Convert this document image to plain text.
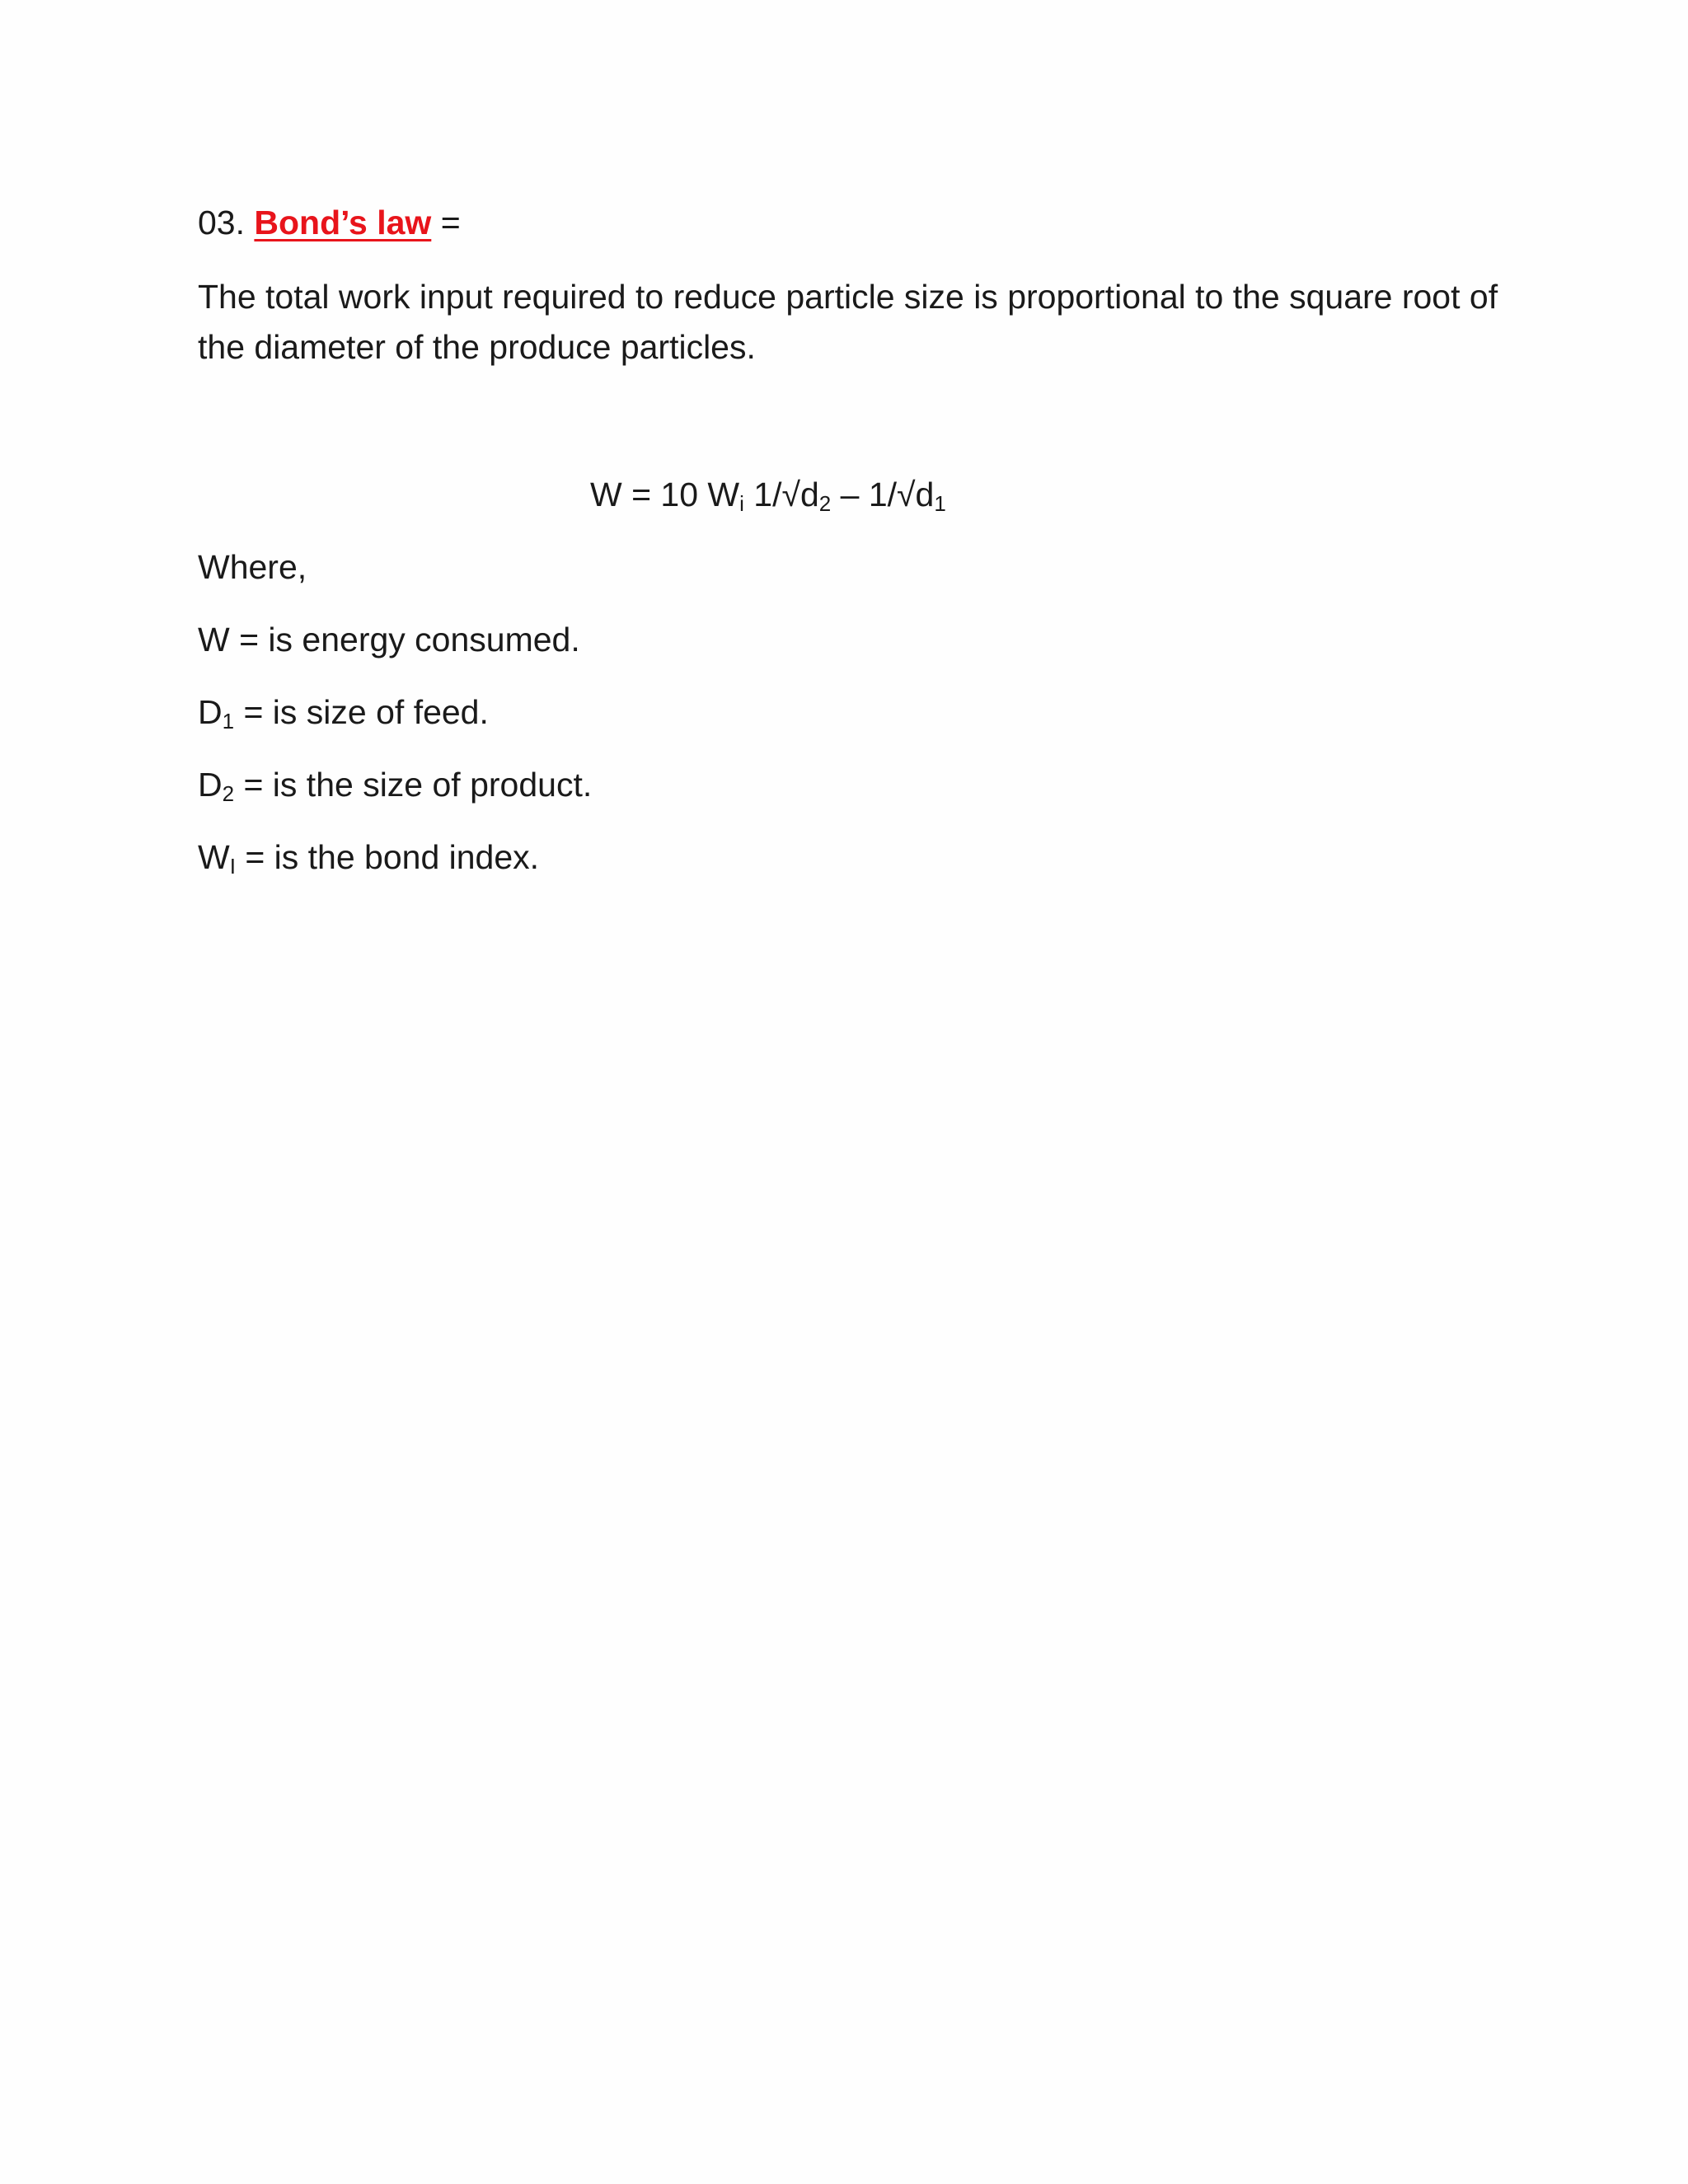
03. Bond’s law =
The total work input required to reduce particle size is proportional to the square root of the diameter of the produce particles.
W = 10 $W_i$ $1/√d_2 - 1/√d_1$
Where,
W = is energy consumed.
$D_1$ = is size of feed.
$D_2$ = is the size of product.
$W_I$ = is the bond index.
